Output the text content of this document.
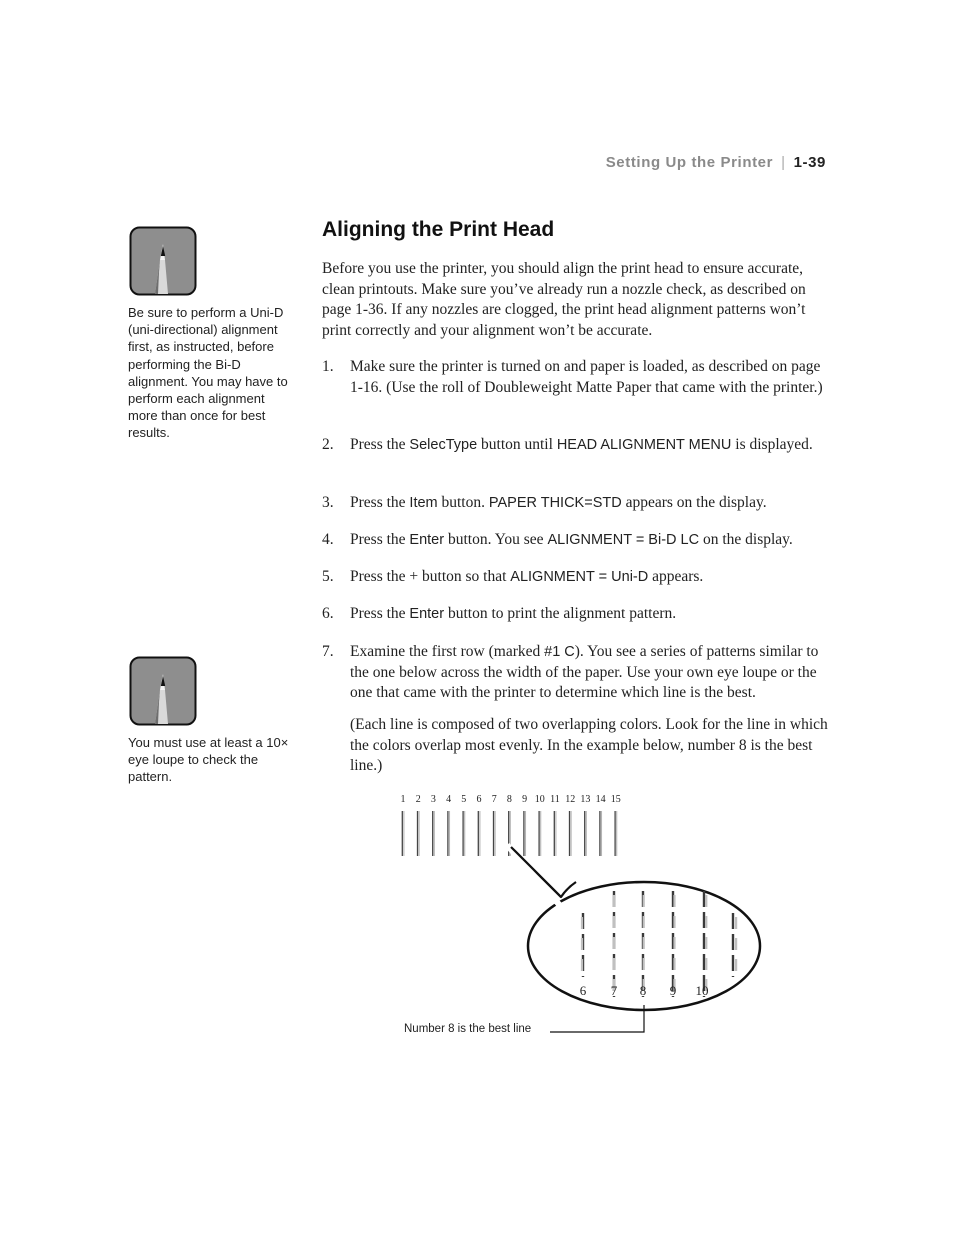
Setting Up the Printer | 1-39
Be sure to perform a Uni-D (uni-directional) alignment first, as instructed, before performing the Bi-D alignment. You may have to perform each alignment more than once for best results.
You must use at least a 10× eye loupe to check the pattern.
Aligning the Print Head

Before you use the printer, you should align the print head to ensure accurate, clean printouts. Make sure you’ve already run a nozzle check, as described on page 1-36. If any nozzles are clogged, the print head alignment patterns won’t print correctly and your alignment won’t be accurate.

1. Make sure the printer is turned on and paper is loaded, as described on page 1-16. (Use the roll of Doubleweight Matte Paper that came with the printer.)
2. Press the SelecType button until HEAD ALIGNMENT MENU is displayed.
3. Press the Item button. PAPER THICK=STD appears on the display.
4. Press the Enter button. You see ALIGNMENT = Bi-D LC on the display.
5. Press the + button so that ALIGNMENT = Uni-D appears.
6. Press the Enter button to print the alignment pattern.
7. Examine the first row (marked #1 C). You see a series of patterns similar to the one below across the width of the paper. Use your own eye loupe or the one that came with the printer to determine which line is the best.
(Each line is composed of two overlapping colors. Look for the line in which the colors overlap most evenly. In the example below, number 8 is the best line.)
1 2 3 4 5 6 7 8 9 10 11 12 13 14 15
6 7 8 9 10
Number 8 is the best line
